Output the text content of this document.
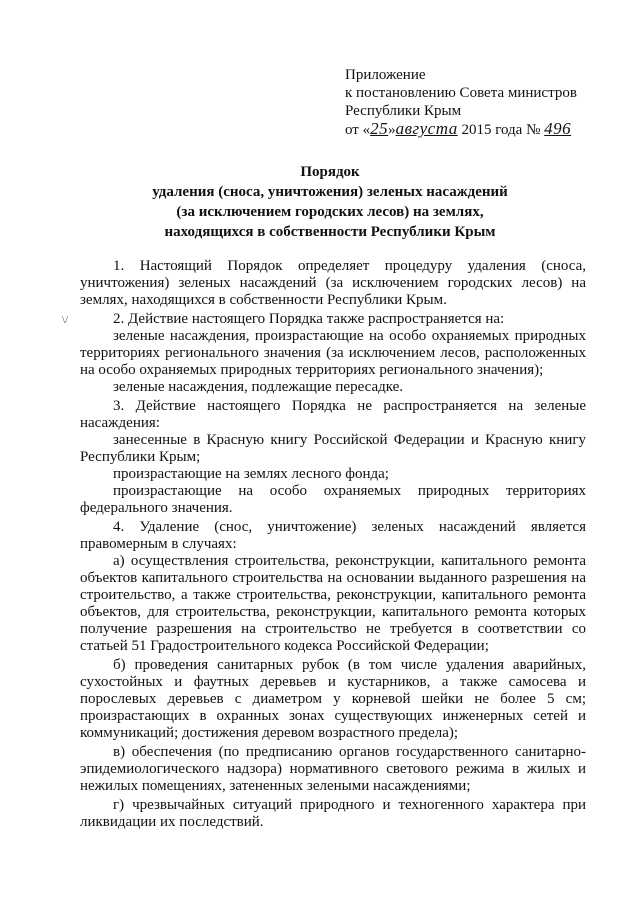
Приложение
к постановлению Совета министров
Республики Крым
от «25»августа 2015 года № 496
Порядок
удаления (сноса, уничтожения) зеленых насаждений
(за исключением городских лесов) на землях,
находящихся в собственности Республики Крым
\/

1. Настоящий Порядок определяет процедуру удаления (сноса, уничтожения) зеленых насаждений (за исключением городских лесов) на землях, находящихся в собственности Республики Крым.

2. Действие настоящего Порядка также распространяется на:

зеленые насаждения, произрастающие на особо охраняемых природных территориях регионального значения (за исключением лесов, расположенных на особо охраняемых природных территориях регионального значения);

зеленые насаждения, подлежащие пересадке.

3. Действие настоящего Порядка не распространяется на зеленые насаждения:

занесенные в Красную книгу Российской Федерации и Красную книгу Республики Крым;

произрастающие на землях лесного фонда;

произрастающие на особо охраняемых природных территориях федерального значения.

4. Удаление (снос, уничтожение) зеленых насаждений является правомерным в случаях:

а) осуществления строительства, реконструкции, капитального ремонта объектов капитального строительства на основании выданного разрешения на строительство, а также строительства, реконструкции, капитального ремонта объектов, для строительства, реконструкции, капитального ремонта которых получение разрешения на строительство не требуется в соответствии со статьей 51 Градостроительного кодекса Российской Федерации;

б) проведения санитарных рубок (в том числе удаления аварийных, сухостойных и фаутных деревьев и кустарников, а также самосева и порослевых деревьев с диаметром у корневой шейки не более 5 см; произрастающих в охранных зонах существующих инженерных сетей и коммуникаций; достижения деревом возрастного предела);

в) обеспечения (по предписанию органов государственного санитарно-эпидемиологического надзора) нормативного светового режима в жилых и нежилых помещениях, затененных зелеными насаждениями;

г) чрезвычайных ситуаций природного и техногенного характера при ликвидации их последствий.
